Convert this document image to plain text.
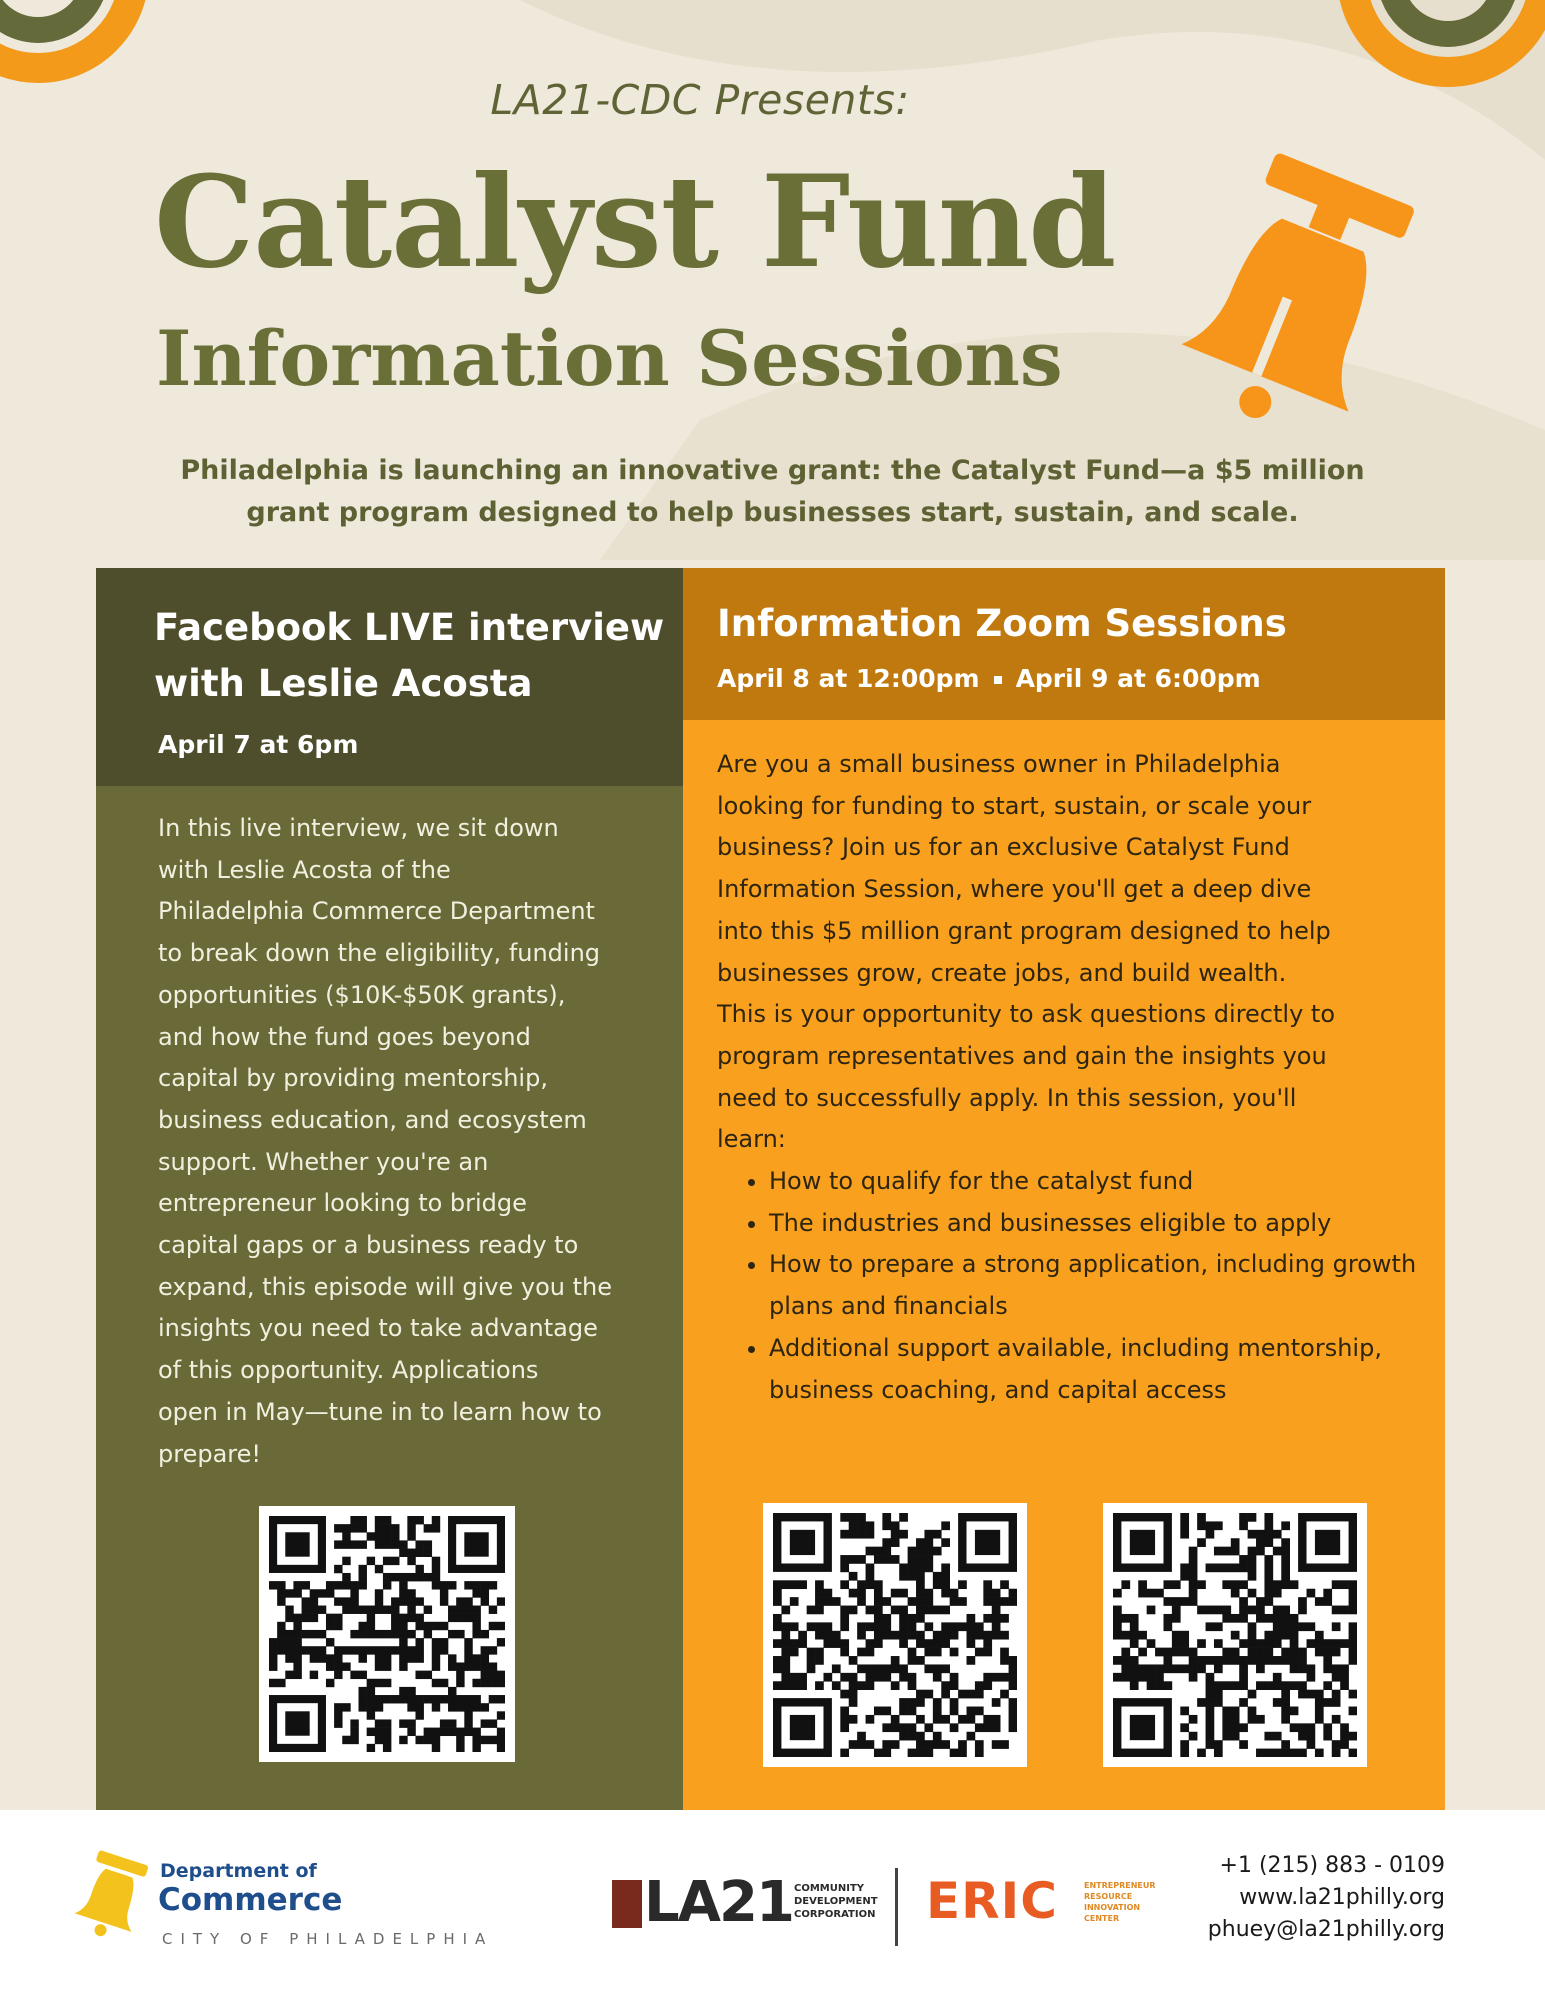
LA21-CDC Presents:
Catalyst Fund
Information Sessions
Philadelphia is launching an innovative grant: the Catalyst Fund—a $5 million
grant program designed to help businesses start, sustain, and scale.
Facebook LIVE interview
with Leslie Acosta
April 7 at 6pm
In this live interview, we sit down
with Leslie Acosta of the
Philadelphia Commerce Department
to break down the eligibility, funding
opportunities ($10K-$50K grants),
and how the fund goes beyond
capital by providing mentorship,
business education, and ecosystem
support. Whether you're an
entrepreneur looking to bridge
capital gaps or a business ready to
expand, this episode will give you the
insights you need to take advantage
of this opportunity. Applications
open in May—tune in to learn how to
prepare!
Information Zoom Sessions
April 8 at 12:00pm April 9 at 6:00pm
Are you a small business owner in Philadelphia
looking for funding to start, sustain, or scale your
business? Join us for an exclusive Catalyst Fund
Information Session, where you'll get a deep dive
into this $5 million grant program designed to help
businesses grow, create jobs, and build wealth.
This is your opportunity to ask questions directly to
program representatives and gain the insights you
need to successfully apply. In this session, you'll
learn:
• How to qualify for the catalyst fund
• The industries and businesses eligible to apply
• How to prepare a strong application, including growth plans and financials
• Additional support available, including mentorship, business coaching, and capital access
Department of
Commerce
CITY OF PHILADELPHIA
LA21 COMMUNITY
DEVELOPMENT
CORPORATION ERIC	ENTREPRENEUR
RESOURCE
INNOVATION
CENTER
+1 (215) 883 - 0109
www.la21philly.org
phuey@la21philly.org
